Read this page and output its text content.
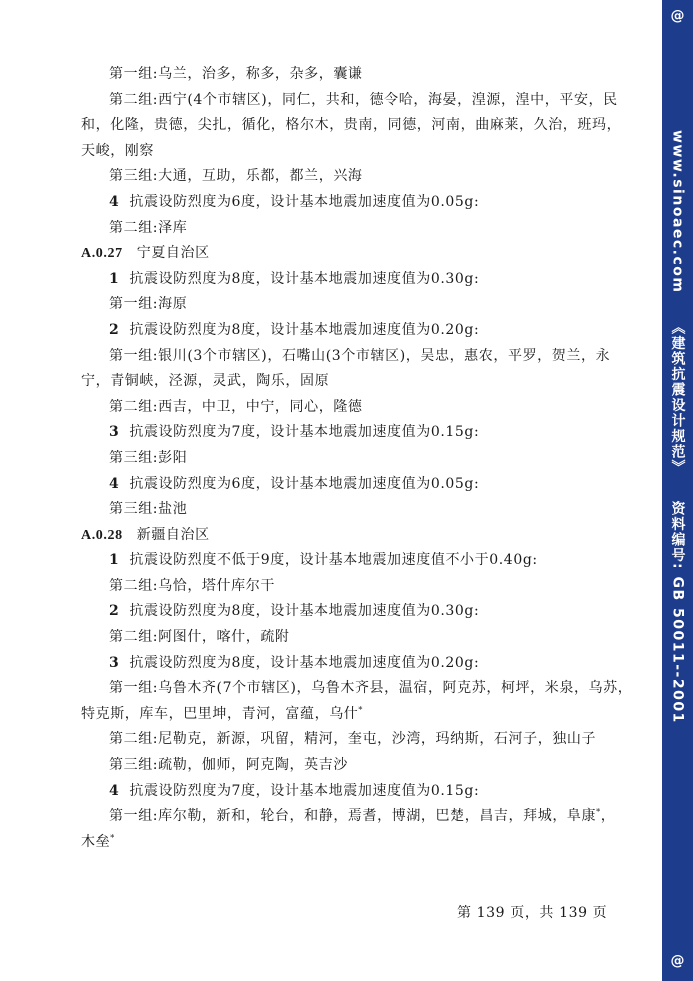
第一组:乌兰，治多，称多，杂多，囊谦

第二组:西宁(4个市辖区)，同仁，共和，德令哈，海晏，湟源，湟中，平安，民

和，化隆，贵德，尖扎，循化，格尔木，贵南，同德，河南，曲麻莱，久治，班玛，

天峻，刚察

第三组:大通，互助，乐都，都兰，兴海

4 抗震设防烈度为6度，设计基本地震加速度值为0.05g:

第二组:泽库

A.0.27 宁夏自治区

1 抗震设防烈度为8度，设计基本地震加速度值为0.30g:

第一组:海原

2 抗震设防烈度为8度，设计基本地震加速度值为0.20g:

第一组:银川(3个市辖区)，石嘴山(3个市辖区)，吴忠，惠农，平罗，贺兰，永

宁，青铜峡，泾源，灵武，陶乐，固原

第二组:西吉，中卫，中宁，同心，隆德

3 抗震设防烈度为7度，设计基本地震加速度值为0.15g:

第三组:彭阳

4 抗震设防烈度为6度，设计基本地震加速度值为0.05g:

第三组:盐池

A.0.28 新疆自治区

1 抗震设防烈度不低于9度，设计基本地震加速度值不小于0.40g:

第二组:乌恰，塔什库尔干

2 抗震设防烈度为8度，设计基本地震加速度值为0.30g:

第二组:阿图什，喀什，疏附

3 抗震设防烈度为8度，设计基本地震加速度值为0.20g:

第一组:乌鲁木齐(7个市辖区)，乌鲁木齐县，温宿，阿克苏，柯坪，米泉，乌苏，

特克斯，库车，巴里坤，青河，富蕴，乌什*

第二组:尼勒克，新源，巩留，精河，奎屯，沙湾，玛纳斯，石河子，独山子

第三组:疏勒，伽师，阿克陶，英吉沙

4 抗震设防烈度为7度，设计基本地震加速度值为0.15g:

第一组:库尔勒，新和，轮台，和静，焉耆，博湖，巴楚，昌吉，拜城，阜康*，

木垒*

第 139 页，共 139 页
@
www.sinoaec.com
《建筑抗震设计规范》
资料编号: GB 50011--2001
@
